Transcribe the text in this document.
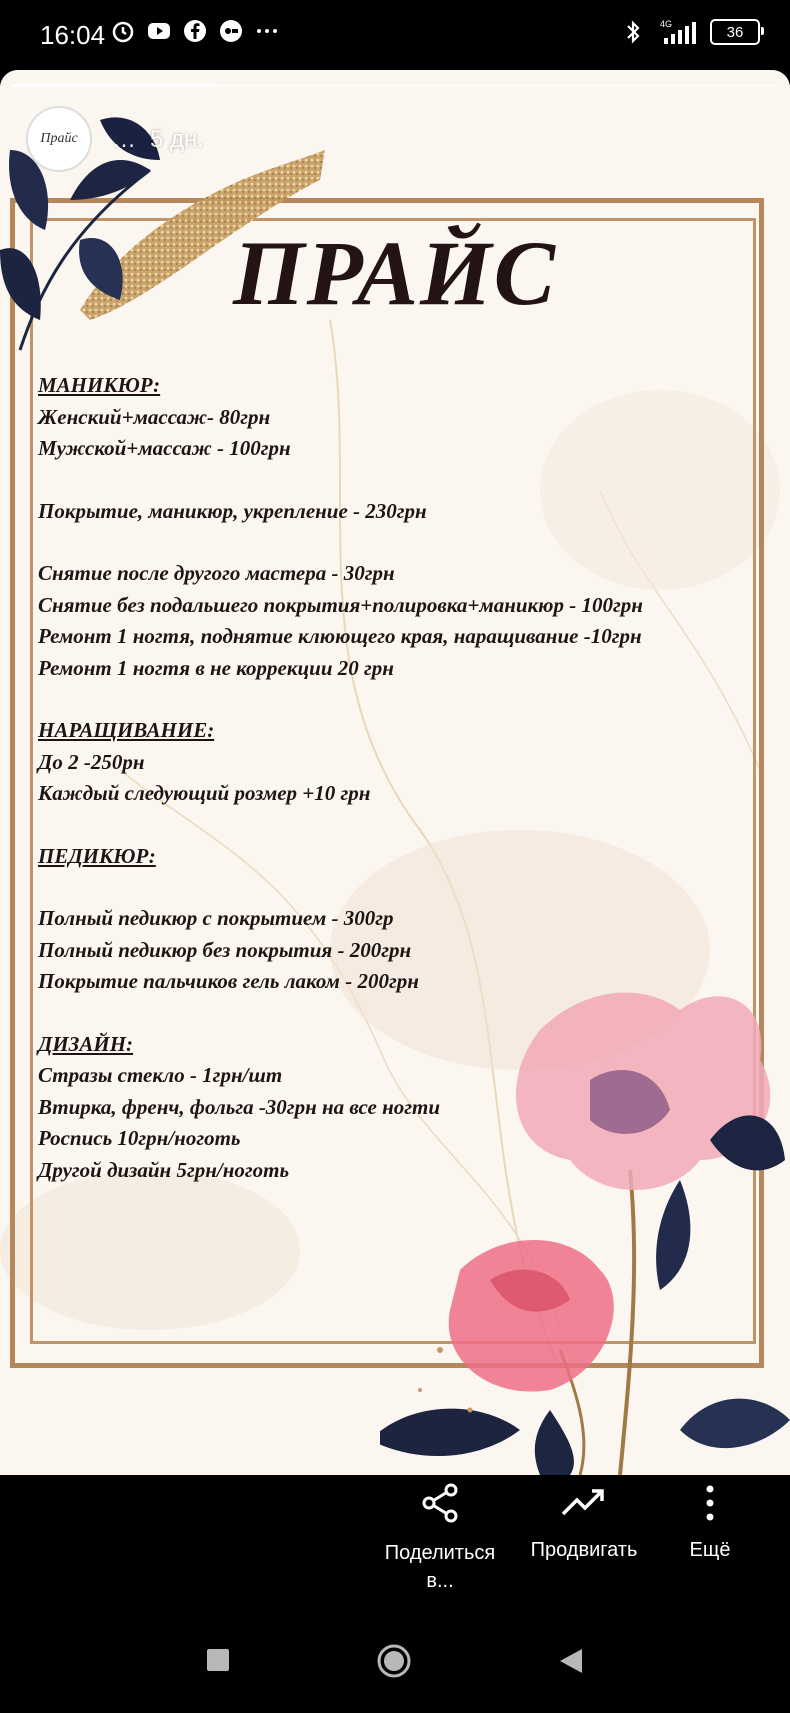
16:04	4G	36
Прайс … 5 дн.
ПРАЙС
МАНИКЮР:
Женский+массаж- 80грн
Мужской+массаж - 100грн
Покрытие, маникюр, укрепление - 230грн
Снятие после другого мастера - 30грн
Снятие без подальшего покрытия+полировка+маникюр - 100грн
Ремонт 1 ногтя, поднятие клюющего края, наращивание -10грн
Ремонт 1 ногтя в не коррекции 20 грн
НАРАЩИВАНИЕ:
До 2 -250рн
Каждый следующий розмер +10 грн
ПЕДИКЮР:
Полный педикюр с покрытием - 300гр
Полный педикюр без покрытия - 200грн
Покрытие пальчиков гель лаком - 200грн
ДИЗАЙН:
Стразы стекло - 1грн/шт
Втирка, френч, фольга -30грн на все ногти
Роспись 10грн/ноготь
Другой дизайн 5грн/ноготь
Поделиться в...
Продвигать	Ещё
